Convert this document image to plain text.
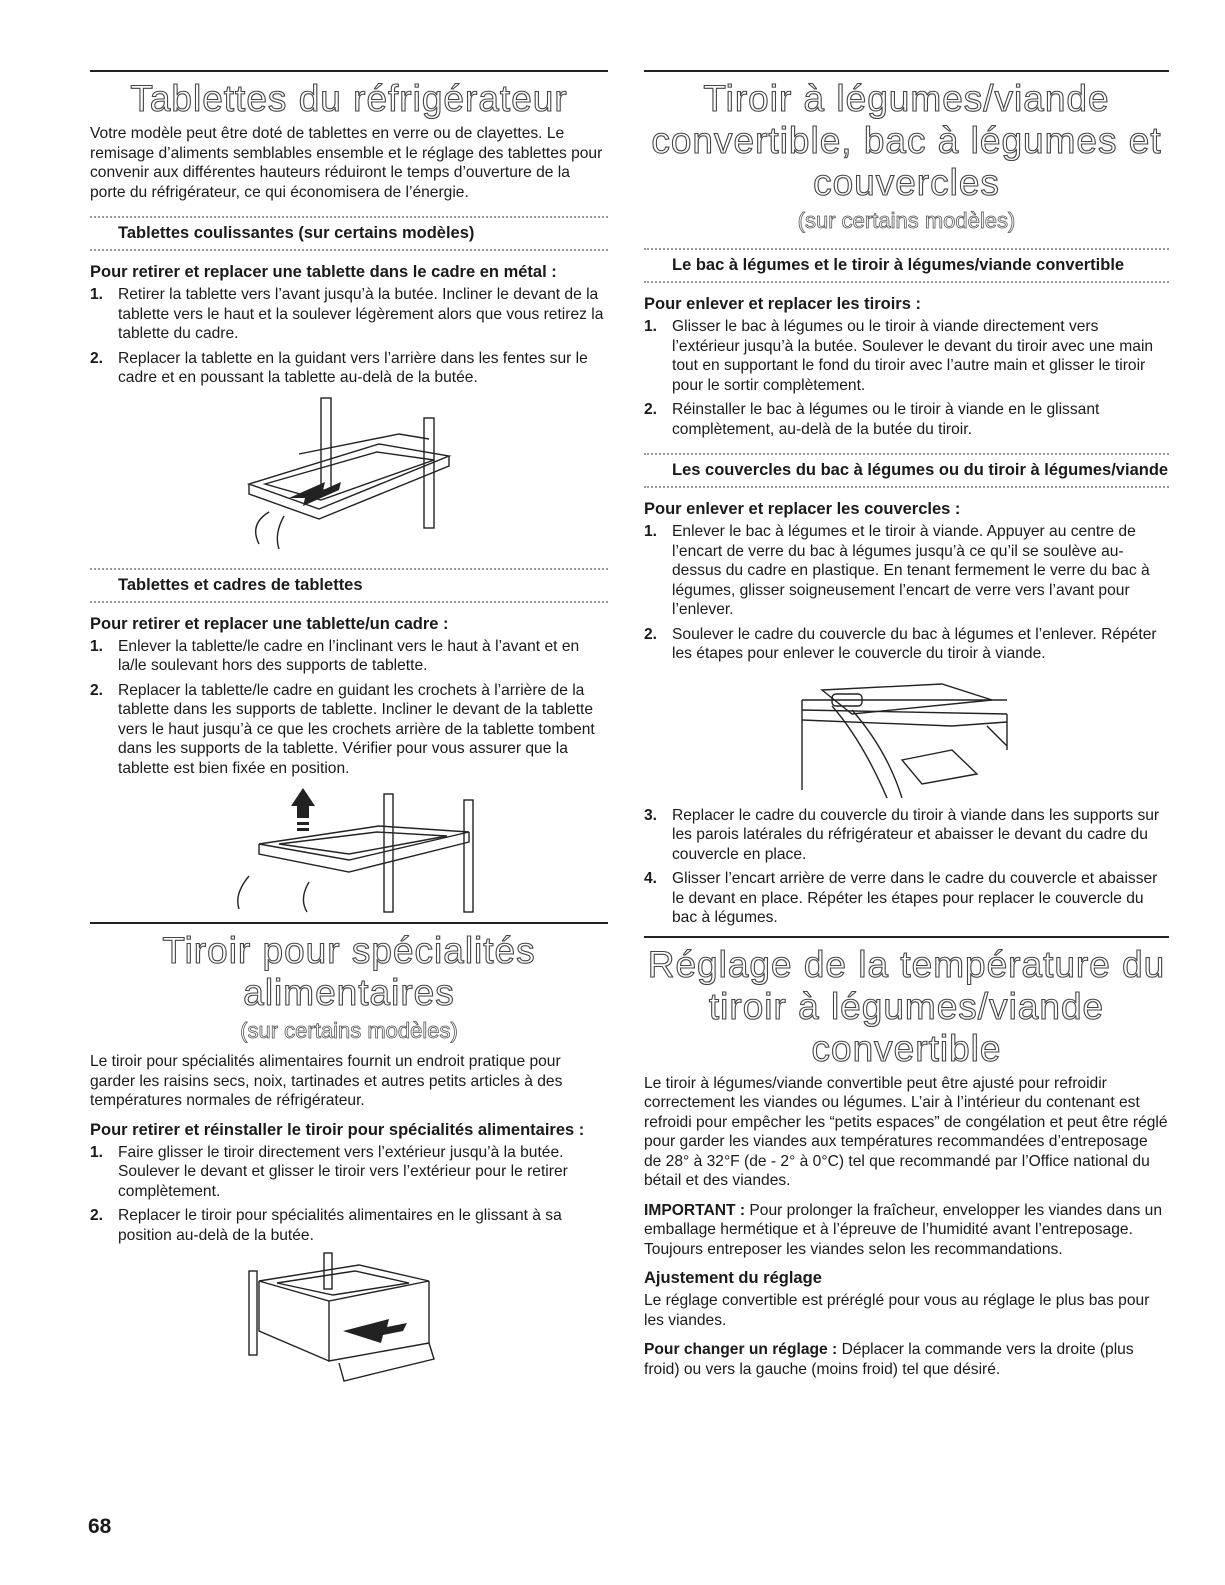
Tablettes du réfrigérateur

Votre modèle peut être doté de tablettes en verre ou de clayettes. Le remisage d’aliments semblables ensemble et le réglage des tablettes pour convenir aux différentes hauteurs réduiront le temps d’ouverture de la porte du réfrigérateur, ce qui économisera de l’énergie.

Tablettes coulissantes (sur certains modèles)
Pour retirer et replacer une tablette dans le cadre en métal :
1. Retirer la tablette vers l’avant jusqu’à la butée. Incliner le devant de la tablette vers le haut et la soulever légèrement alors que vous retirez la tablette du cadre.
2. Replacer la tablette en la guidant vers l’arrière dans les fentes sur le cadre et en poussant la tablette au-delà de la butée.
Tablettes et cadres de tablettes
Pour retirer et replacer une tablette/un cadre :
1. Enlever la tablette/le cadre en l’inclinant vers le haut à l’avant et en la/le soulevant hors des supports de tablette.
2. Replacer la tablette/le cadre en guidant les crochets à l’arrière de la tablette dans les supports de tablette. Incliner le devant de la tablette vers le haut jusqu’à ce que les crochets arrière de la tablette tombent dans les supports de la tablette. Vérifier pour vous assurer que la tablette est bien fixée en position.
Tiroir pour spécialités alimentaires
(sur certains modèles)

Le tiroir pour spécialités alimentaires fournit un endroit pratique pour garder les raisins secs, noix, tartinades et autres petits articles à des températures normales de réfrigérateur.

Pour retirer et réinstaller le tiroir pour spécialités alimentaires :
1. Faire glisser le tiroir directement vers l’extérieur jusqu’à la butée. Soulever le devant et glisser le tiroir vers l’extérieur pour le retirer complètement.
2. Replacer le tiroir pour spécialités alimentaires en le glissant à sa position au-delà de la butée.
Tiroir à légumes/viande convertible, bac à légumes et couvercles
(sur certains modèles)
Le bac à légumes et le tiroir à légumes/viande convertible
Pour enlever et replacer les tiroirs :
1. Glisser le bac à légumes ou le tiroir à viande directement vers l’extérieur jusqu’à la butée. Soulever le devant du tiroir avec une main tout en supportant le fond du tiroir avec l’autre main et glisser le tiroir pour le sortir complètement.
2. Réinstaller le bac à légumes ou le tiroir à viande en le glissant complètement, au-delà de la butée du tiroir.
Les couvercles du bac à légumes ou du tiroir à légumes/viande
Pour enlever et replacer les couvercles :
1. Enlever le bac à légumes et le tiroir à viande. Appuyer au centre de l’encart de verre du bac à légumes jusqu’à ce qu’il se soulève au-dessus du cadre en plastique. En tenant fermement le verre du bac à légumes, glisser soigneusement l’encart de verre vers l’avant pour l’enlever.
2. Soulever le cadre du couvercle du bac à légumes et l’enlever. Répéter les étapes pour enlever le couvercle du tiroir à viande.
3. Replacer le cadre du couvercle du tiroir à viande dans les supports sur les parois latérales du réfrigérateur et abaisser le devant du cadre du couvercle en place.
4. Glisser l’encart arrière de verre dans le cadre du couvercle et abaisser le devant en place. Répéter les étapes pour replacer le couvercle du bac à légumes.
Réglage de la température du tiroir à légumes/viande convertible

Le tiroir à légumes/viande convertible peut être ajusté pour refroidir correctement les viandes ou légumes. L’air à l’intérieur du contenant est refroidi pour empêcher les “petits espaces” de congélation et peut être réglé pour garder les viandes aux températures recommandées d’entreposage de 28° à 32°F (de - 2° à 0°C) tel que recommandé par l’Office national du bétail et des viandes.

IMPORTANT : Pour prolonger la fraîcheur, envelopper les viandes dans un emballage hermétique et à l’épreuve de l’humidité avant l’entreposage. Toujours entreposer les viandes selon les recommandations.

Ajustement du réglage

Le réglage convertible est préréglé pour vous au réglage le plus bas pour les viandes.

Pour changer un réglage : Déplacer la commande vers la droite (plus froid) ou vers la gauche (moins froid) tel que désiré.

68
